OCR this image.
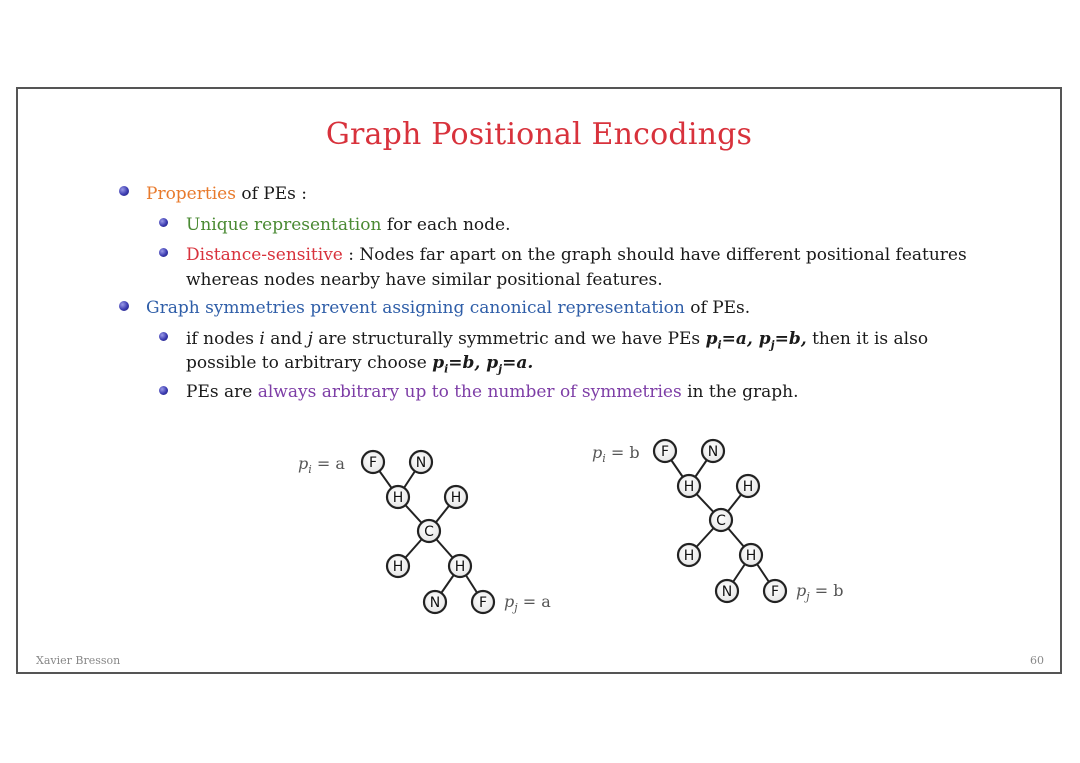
Graph Positional Encodings
Properties of PEs :
Unique representation for each node.
Distance-sensitive : Nodes far apart on the graph should have different positional features
whereas nodes nearby have similar positional features.
Graph symmetries prevent assigning canonical representation of PEs.
if nodes i and j are structurally symmetric and we have PEs $p_i=a$, $p_j=b$, then it is also
possible to arbitrary choose $p_i=b$, $p_j=a$.
PEs are always arbitrary up to the number of symmetries in the graph.
F	N
H	H
C
H	H
N	F
$p_i = a$
$p_j = a$
F	N
H	H
C
H	H
N	F
$p_i = b$
$p_j = b$
Xavier Bresson	60
